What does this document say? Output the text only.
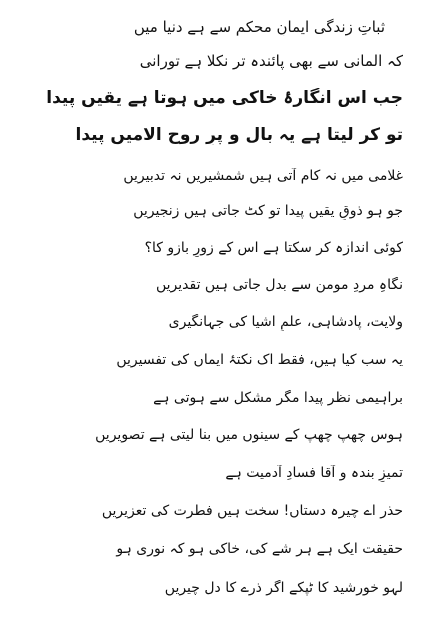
ثباتِ زندگی ایمانِ محکم سے ہے دنیا میں
کہ المانی سے بھی پائندہ تر نکلا ہے تورانی
جب اس انگارۂ خاکی میں ہوتا ہے یقیں پیدا
تو کر لیتا ہے یہ بال و پرِ روح الامیں پیدا
غلامی میں نہ کام آتی ہیں شمشیریں نہ تدبیریں
جو ہو ذوقِ یقیں پیدا تو کٹ جاتی ہیں زنجیریں
کوئی اندازہ کر سکتا ہے اس کے زورِ بازو کا؟
نگاہِ مردِ مومن سے بدل جاتی ہیں تقدیریں
ولایت، پادشاہی، علمِ اشیا کی جہانگیری
یہ سب کیا ہیں، فقط اک نکتۂ ایماں کی تفسیریں
براہیمی نظر پیدا مگر مشکل سے ہوتی ہے
ہوس چھپ چھپ کے سینوں میں بنا لیتی ہے تصویریں
تمیزِ بندہ و آقا فسادِ آدمیت ہے
حذر اے چیرہ دستاں! سخت ہیں فطرت کی تعزیریں
حقیقت ایک ہے ہر شے کی، خاکی ہو کہ نوری ہو
لہو خورشید کا ٹپکے اگر ذرے کا دل چیریں
